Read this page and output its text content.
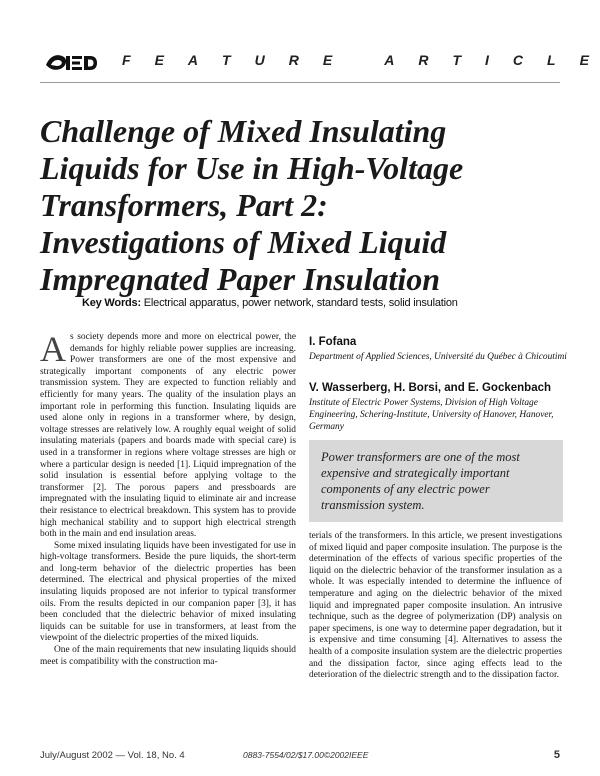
F E A T U R E	A R T I C L E
Challenge of Mixed Insulating
Liquids for Use in High-Voltage
Transformers, Part 2:
Investigations of Mixed Liquid
Impregnated Paper Insulation
Key Words: Electrical apparatus, power network, standard tests, solid insulation

As society depends more and more on electrical power, the demands for highly reliable power supplies are increasing. Power transformers are one of the most expensive and strategically important components of any electric power transmission system. They are expected to function reliably and efficiently for many years. The quality of the insulation plays an important role in performing this function. Insulating liquids are used alone only in regions in a transformer where, by design, voltage stresses are relatively low. A roughly equal weight of solid insulating materials (papers and boards made with special care) is used in a transformer in regions where voltage stresses are high or where a particular design is needed [1]. Liquid impregnation of the solid insulation is essential before applying voltage to the transformer [2]. The porous papers and pressboards are impregnated with the insulating liquid to eliminate air and increase their resistance to electrical breakdown. This system has to provide high mechanical stability and to support high electrical strength both in the main and end insulation areas.

Some mixed insulating liquids have been investigated for use in high-voltage transformers. Beside the pure liquids, the short-term and long-term behavior of the dielectric properties has been determined. The electrical and physical properties of the mixed insulating liquids proposed are not inferior to typical transformer oils. From the results depicted in our companion paper [3], it has been concluded that the dielectric behavior of mixed insulating liquids can be suitable for use in transformers, at least from the viewpoint of the dielectric properties of the mixed liquids.

One of the main requirements that new insulating liquids should meet is compatibility with the construction ma-

I. Fofana

Department of Applied Sciences, Université du Québec à Chicoutimi

V. Wasserberg, H. Borsi, and E. Gockenbach

Institute of Electric Power Systems, Division of High Voltage Engineering, Schering-Institute, University of Hanover, Hanover, Germany

Power transformers are one of the most expensive and strategically important components of any electric power transmission system.

terials of the transformers. In this article, we present investigations of mixed liquid and paper composite insulation. The purpose is the determination of the effects of various specific properties of the liquid on the dielectric behavior of the transformer insulation as a whole. It was especially intended to determine the influence of temperature and aging on the dielectric behavior of the mixed liquid and impregnated paper composite insulation. An intrusive technique, such as the degree of polymerization (DP) analysis on paper specimens, is one way to determine paper degradation, but it is expensive and time consuming [4]. Alternatives to assess the health of a composite insulation system are the dielectric properties and the dissipation factor, since aging effects lead to the deterioration of the dielectric strength and to the dissipation factor.

July/August 2002 — Vol. 18, No. 4	0883-7554/02/$17.00©2002IEEE	5
